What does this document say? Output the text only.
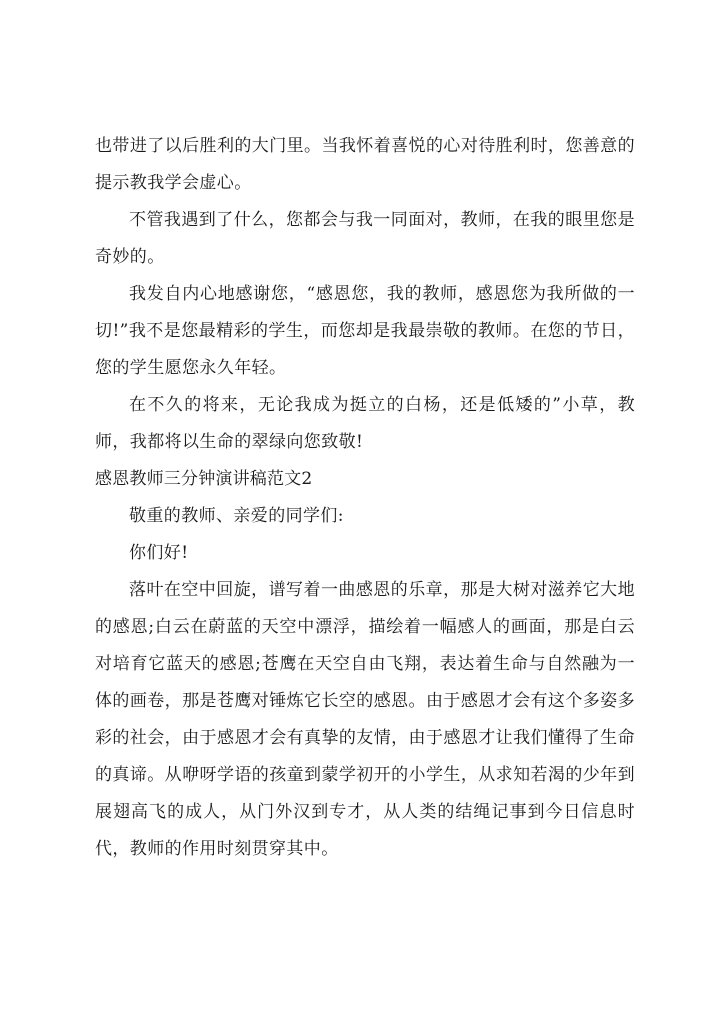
也带进了以后胜利的大门里。当我怀着喜悦的心对待胜利时，您善意的提示教我学会虚心。

不管我遇到了什么，您都会与我一同面对，教师，在我的眼里您是奇妙的。

我发自内心地感谢您，“感恩您，我的教师，感恩您为我所做的一切!”我不是您最精彩的学生，而您却是我最崇敬的教师。在您的节日，您的学生愿您永久年轻。

在不久的将来，无论我成为挺立的白杨，还是低矮的”小草，教师，我都将以生命的翠绿向您致敬!

感恩教师三分钟演讲稿范文2

敬重的教师、亲爱的同学们:

你们好!

落叶在空中回旋，谱写着一曲感恩的乐章，那是大树对滋养它大地的感恩;白云在蔚蓝的天空中漂浮，描绘着一幅感人的画面，那是白云对培育它蓝天的感恩;苍鹰在天空自由飞翔，表达着生命与自然融为一体的画卷，那是苍鹰对锤炼它长空的感恩。由于感恩才会有这个多姿多彩的社会，由于感恩才会有真挚的友情，由于感恩才让我们懂得了生命的真谛。从咿呀学语的孩童到蒙学初开的小学生，从求知若渴的少年到展翅高飞的成人，从门外汉到专才，从人类的结绳记事到今日信息时代，教师的作用时刻贯穿其中。
